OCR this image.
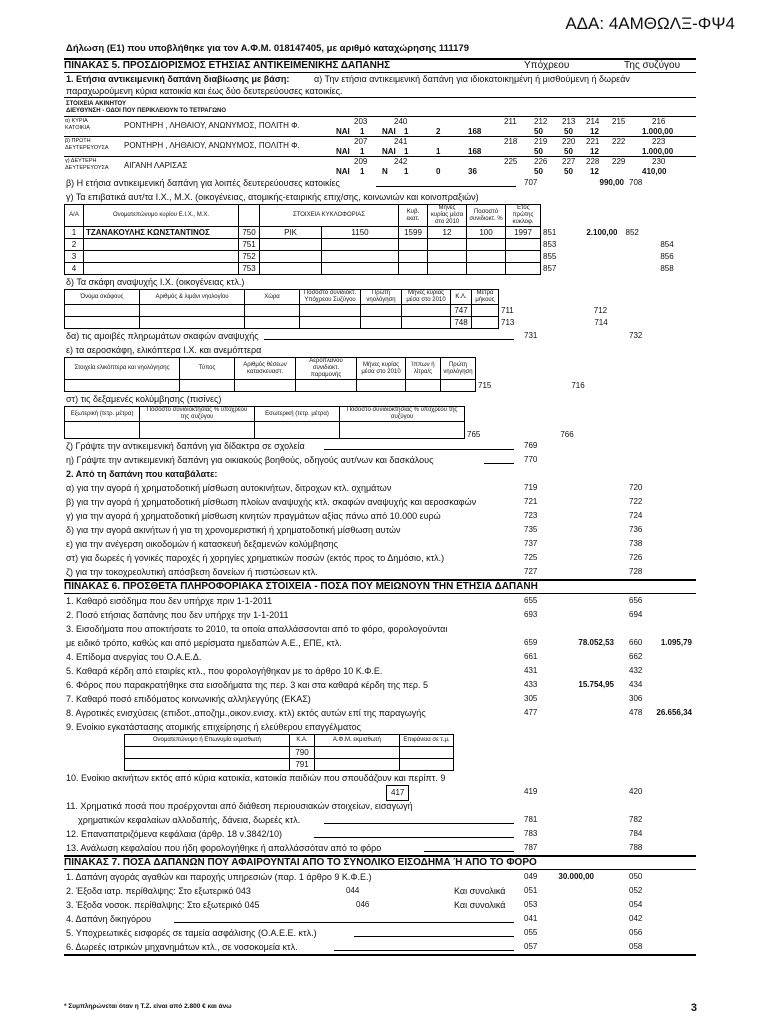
ΑΔΑ: 4ΑΜΘΩΛΞ-ΦΨ4
Δήλωση (Ε1) που υποβλήθηκε για τον Α.Φ.Μ. 018147405, με αριθμό καταχώρησης 111179
ΠΙΝΑΚΑΣ 5. ΠΡΟΣΔΙΟΡΙΣΜΟΣ ΕΤΗΣΙΑΣ ΑΝΤΙΚΕΙΜΕΝΙΚΗΣ ΔΑΠΑΝΗΣ	Υπόχρεου	Της συζύγου
1. Ετήσια αντικειμενική δαπάνη διαβίωσης με βάση:	α) Την ετήσια αντικειμενική δαπάνη για ιδιοκατοικημένη ή μισθούμενη ή δωρεάν
παραχωρούμενη κύρια κατοικία και έως δύο δευτερεύουσες κατοικίες.
ΣΤΟΙΧΕΙΑ ΑΚΙΝΗΤΟΥ
ΔΙΕΥΘΥΝΣΗ - ΟΔΟΙ ΠΟΥ ΠΕΡΙΚΛΕΙΟΥΝ ΤΟ ΤΕΤΡΑΓΩΝΟ
α) ΚΥΡΙΑ ΚΑΤΟΙΚΙΑ	ΡΟΝΤΗΡΗ , ΛΗΘΑΙΟΥ, ΑΝΩΝΥΜΟΣ, ΠΟΛΙΤΗ Φ.	203	240	211 212 213 214 215	216
ΝΑΙ 1 ΝΑΙ 1	2	168	50	50 12	1.000,00
β) ΠΡΩΤΗ ΔΕΥΤΕΡΕΥΟΥΣΑ ΡΟΝΤΗΡΗ , ΛΗΘΑΙΟΥ, ΑΝΩΝΥΜΟΣ, ΠΟΛΙΤΗ Φ.	207	241	218 219 220 221 222	223
ΝΑΙ 1 ΝΑΙ 1	1	168	50	50 12	1.000,00
γ) ΔΕΥΤΕΡΗ ΔΕΥΤΕΡΕΥΟΥΣΑ ΑΙΓΑΝΗ ΛΑΡΙΣΑΣ	209	242	225 226 227 228 229	230
ΝΑΙ 1 Ν 1	0	36	50	50 12	410,00
β) Η ετήσια αντικειμενική δαπάνη για λοιπές δευτερεύουσες κατοικίες	707	990,00 708
γ) Τα επιβατικά αυτ/τα Ι.Χ., Μ.Χ. (οικογένειας, ατομικής-εταιρικής επιχ/σης, κοινωνιών και κοινοπραξιών)
Α/Α	Ονοματεπώνυμο κυρίου Ε.Ι.Χ., Μ.Χ.		ΣΤΟΙΧΕΙΑ ΚΥΚΛΟΦΟΡΙΑΣ		Κυβ. εκατ.	Μήνες κυρίας μέσα στο 2010	Ποσοστό συνιδιοκτ. %	Έτος πρώτης κυκλοφ.	
1	ΤΖΑΝΑΚΟΥΛΗΣ ΚΩΝΣΤΑΝΤΙΝΟΣ	750	ΡΙΚ	1150	1599	12	100	1997	851 2.100,00 852

2		751							853 854

3		752							855 856

4		753							857 858
δ) Τα σκάφη αναψυχής Ι.Χ. (οικογένειας κτλ.)
Όνομα σκάφους	Αριθμός & λιμάνι νηολογίου	Χώρα	Ποσοστό συνιδιοκτ. Υπόχρεου Συζύγου	Πρώτη νηολόγηση	Μήνες κυρίας μέσα στο 2010	Κ.Λ.	Μέτρα μήκους	
						747		711 712
						748		713 714
δα) τις αμοιβές πληρωμάτων σκαφών αναψυχής	731	732
ε) τα αεροσκάφη, ελικόπτερα Ι.Χ. και ανεμόπτερα
Στοιχεία ελικόπτερα και νηολόγησης	Τύπος	Αριθμός θέσεων κατασκευαστ.	Αεροπλάνου συνιδιοκτ. παραμονής	Μήνες κυρίας μέσα στο 2010	Ίππων ή λίτρα/ς	Πρώτη νηολόγηση	
							715 716
στ) τις δεξαμενές κολύμβησης (πισίνες)
Εξωτερική (τετρ. μέτρα)	Ποσοστό συνιδιοκτησίας % υπόχρεου της συζύγου	Εσωτερική (τετρ. μέτρα)	Ποσοστό συνιδιοκτησίας % υπόχρεου της συζύγου	
				765 766
ζ) Γράψτε την αντικειμενική δαπάνη για δίδακτρα σε σχολεία	769
η) Γράψτε την αντικειμενική δαπάνη για οικιακούς βοηθούς, οδηγούς αυτ/νων και δασκάλους	770
2. Από τη δαπάνη που καταβάλατε:
α) για την αγορά ή χρηματοδοτική μίσθωση αυτοκινήτων, διτροχων κτλ. οχημάτων	719	720
β) για την αγορά ή χρηματοδοτική μίσθωση πλοίων αναψυχής κτλ. σκαφών αναψυχής και αεροσκαφών	721	722
γ) για την αγορά ή χρηματοδοτική μίσθωση κινητών πραγμάτων αξίας πάνω από 10.000 ευρώ	723	724
δ) για την αγορά ακινήτων ή για τη χρονομεριστική ή χρηματοδοτική μίσθωση αυτών	735	736
ε) για την ανέγερση οικοδομών ή κατασκευή δεξαμενών κολύμβησης	737	738
στ) για δωρεές ή γονικές παροχές ή χορηγίες χρηματικών ποσών (εκτός προς το Δημόσιο, κτλ.)	725	726
ζ) για την τοκοχρεολυτική απόσβεση δανείων ή πιστώσεων κτλ.	727	728
ΠΙΝΑΚΑΣ 6. ΠΡΟΣΘΕΤΑ ΠΛΗΡΟΦΟΡΙΑΚΑ ΣΤΟΙΧΕΙΑ - ΠΟΣΑ ΠΟΥ ΜΕΙΩΝΟΥΝ ΤΗΝ ΕΤΗΣΙΑ ΔΑΠΑΝΗ
1. Καθαρό εισόδημα που δεν υπήρχε πριν 1-1-2011	655	656
2. Ποσό ετήσιας δαπάνης που δεν υπήρχε την 1-1-2011	693	694
3. Εισοδήματα που αποκτήσατε το 2010, τα οποία απαλλάσσονται από το φόρο, φορολογούνται
με ειδικό τρόπο, καθώς και από μερίσματα ημεδαπών Α.Ε., ΕΠΕ, κτλ.	659	78.052,53 660	1.095,79
4. Επίδομα ανεργίας του Ο.Α.Ε.Δ.	661	662
5. Καθαρά κέρδη από εταιρίες κτλ., που φορολογήθηκαν με το άρθρο 10 Κ.Φ.Ε.	431	432
6. Φόρος που παρακρατήθηκε στα εισοδήματα της περ. 3 και στα καθαρά κέρδη της περ. 5	433	15.754,95 434
7. Καθαρό ποσό επιδόματος κοινωνικής αλληλεγγύης (ΕΚΑΣ)	305	306
8. Αγροτικές ενισχύσεις (επιδοτ.,αποζημ.,οικον.ενισχ. κτλ) εκτός αυτών επί της παραγωγής	477	478	26.656,34
9. Ενοίκιο εγκατάστασης ατομικής επιχείρησης ή ελεύθερου επαγγέλματος
Ονοματεπώνυμο ή Επωνυμία εκμισθωτή	Κ.Α.	Α.Φ.Μ. εκμισθωτή	Επιφάνεια σε τ.μ.
	790		
	791		
10. Ενοίκιο ακινήτων εκτός από κύρια κατοικία, κατοικία παιδιών που σπουδάζουν και περίπτ. 9
417	419	420
11. Χρηματικά ποσά που προέρχονται από διάθεση περιουσιακών στοιχείων, εισαγωγή
χρηματικών κεφαλαίων αλλοδαπής, δάνεια, δωρεές κτλ.	781	782
12. Επαναπατριζόμενα κεφάλαια (άρθρ. 18 ν.3842/10)	783	784
13. Ανάλωση κεφαλαίου που ήδη φορολογήθηκε ή απαλλάσσόταν από το φόρο	787	788
ΠΙΝΑΚΑΣ 7. ΠΟΣΑ ΔΑΠΑΝΩΝ ΠΟΥ ΑΦΑΙΡΟΥΝΤΑΙ ΑΠΟ ΤΟ ΣΥΝΟΛΙΚΟ ΕΙΣΟΔΗΜΑ Ή ΑΠΟ ΤΟ ΦΟΡΟ
1. Δαπάνη αγοράς αγαθών και παροχής υπηρεσιών (παρ. 1 άρθρο 9 Κ.Φ.Ε.)	049	30.000,00	050
2. Έξοδα ιατρ. περίθαλψης: Στο εξωτερικό 043	044	Και συνολικά 051	052
3. Έξοδα νοσοκ. περίθαλψης: Στο εξωτερικό 045	046	Και συνολικά 053	054
4. Δαπάνη δικηγόρου	041	042
5. Υποχρεωτικές εισφορές σε ταμεία ασφάλισης (Ο.Α.Ε.Ε. κτλ.)	055	056
6. Δωρεές ιατρικών μηχανημάτων κτλ., σε νοσοκομεία κτλ.	057	058
* Συμπληρώνεται όταν η Τ.Ζ. είναι από 2.800 € και άνω	3
